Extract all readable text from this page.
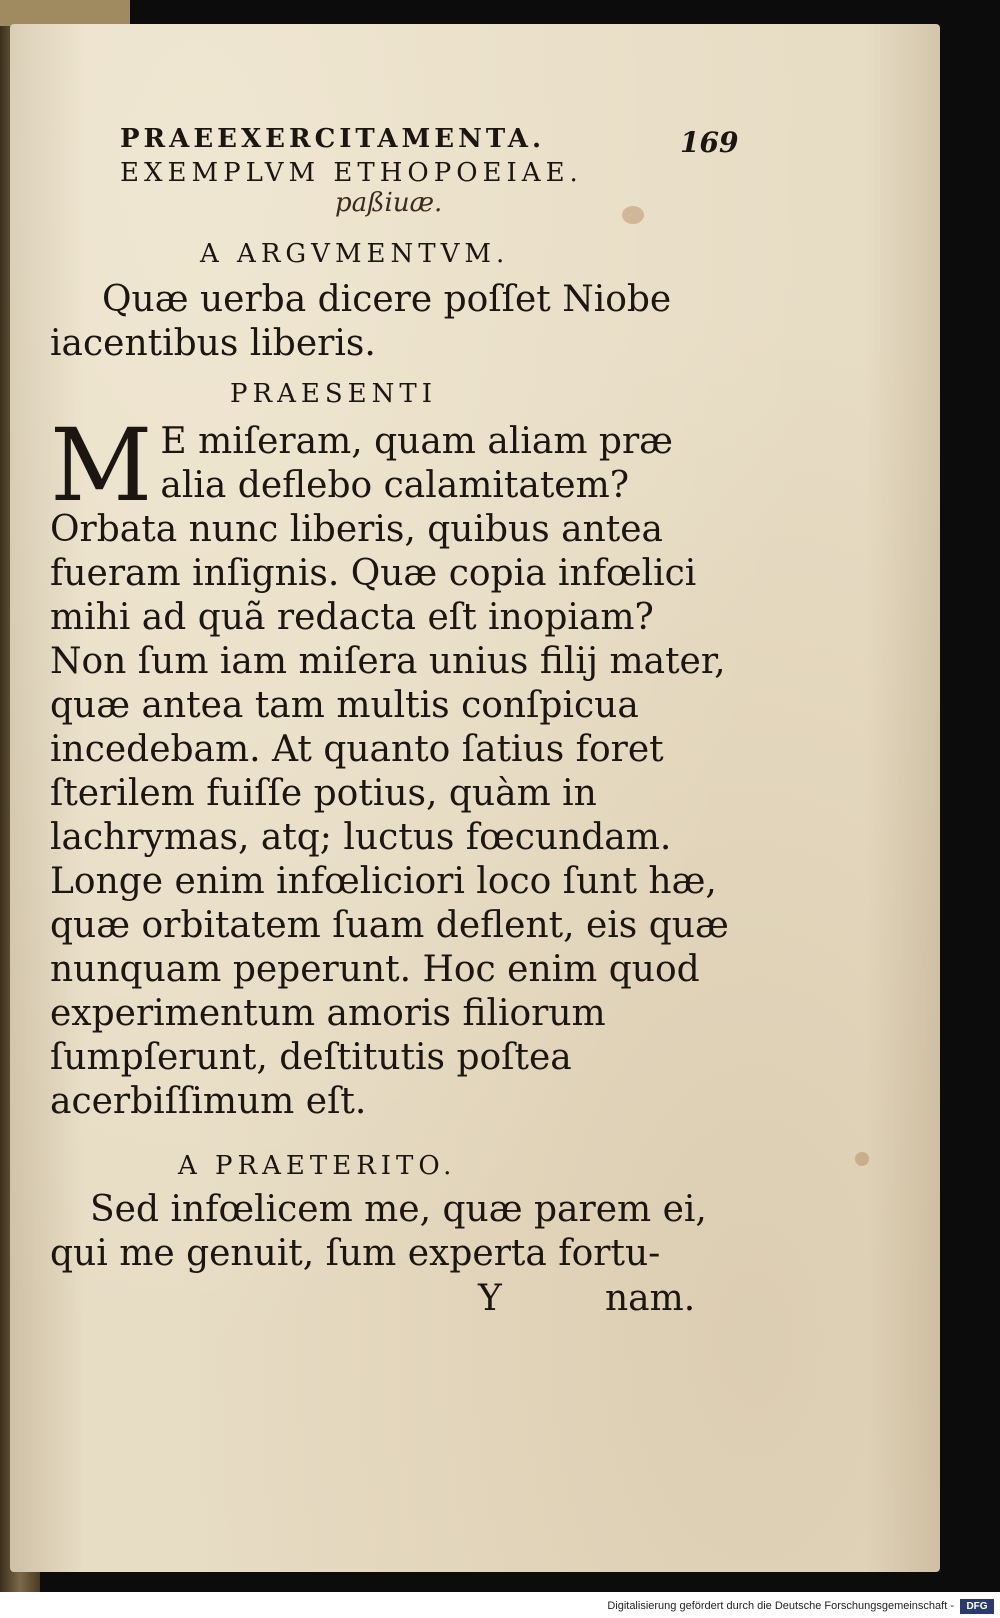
PRAEEXERCITAMENTA.	169
EXEMPLVM ETHOPOEIAE.
paßiuæ.
A ARGVMENTVM.
Quæ uerba dicere poſſet Niobe iacentibus liberis.
PRAESENTI
M E miſeram, quam aliam præ alia deflebo calamitatem? Orbata nunc liberis, quibus antea fueram inſignis. Quæ copia infœlici mihi ad quã redacta eſt inopiam? Non ſum iam miſera unius filij mater, quæ antea tam multis conſpicua incedebam. At quanto ſatius foret ſterilem fuiſſe potius, quàm in lachrymas, atq; luctus fœcundam. Longe enim infœliciori loco ſunt hæ, quæ orbitatem ſuam deflent, eis quæ nunquam peperunt. Hoc enim quod experimentum amoris filiorum ſumpſerunt, deſtitutis poſtea acerbiſſimum eſt.
A PRAETERITO.
Sed infœlicem me, quæ parem ei, qui me genuit, ſum experta fortu-
Y	nam.
Digitalisierung gefördert durch die Deutsche Forschungsgemeinschaft -	DFG
